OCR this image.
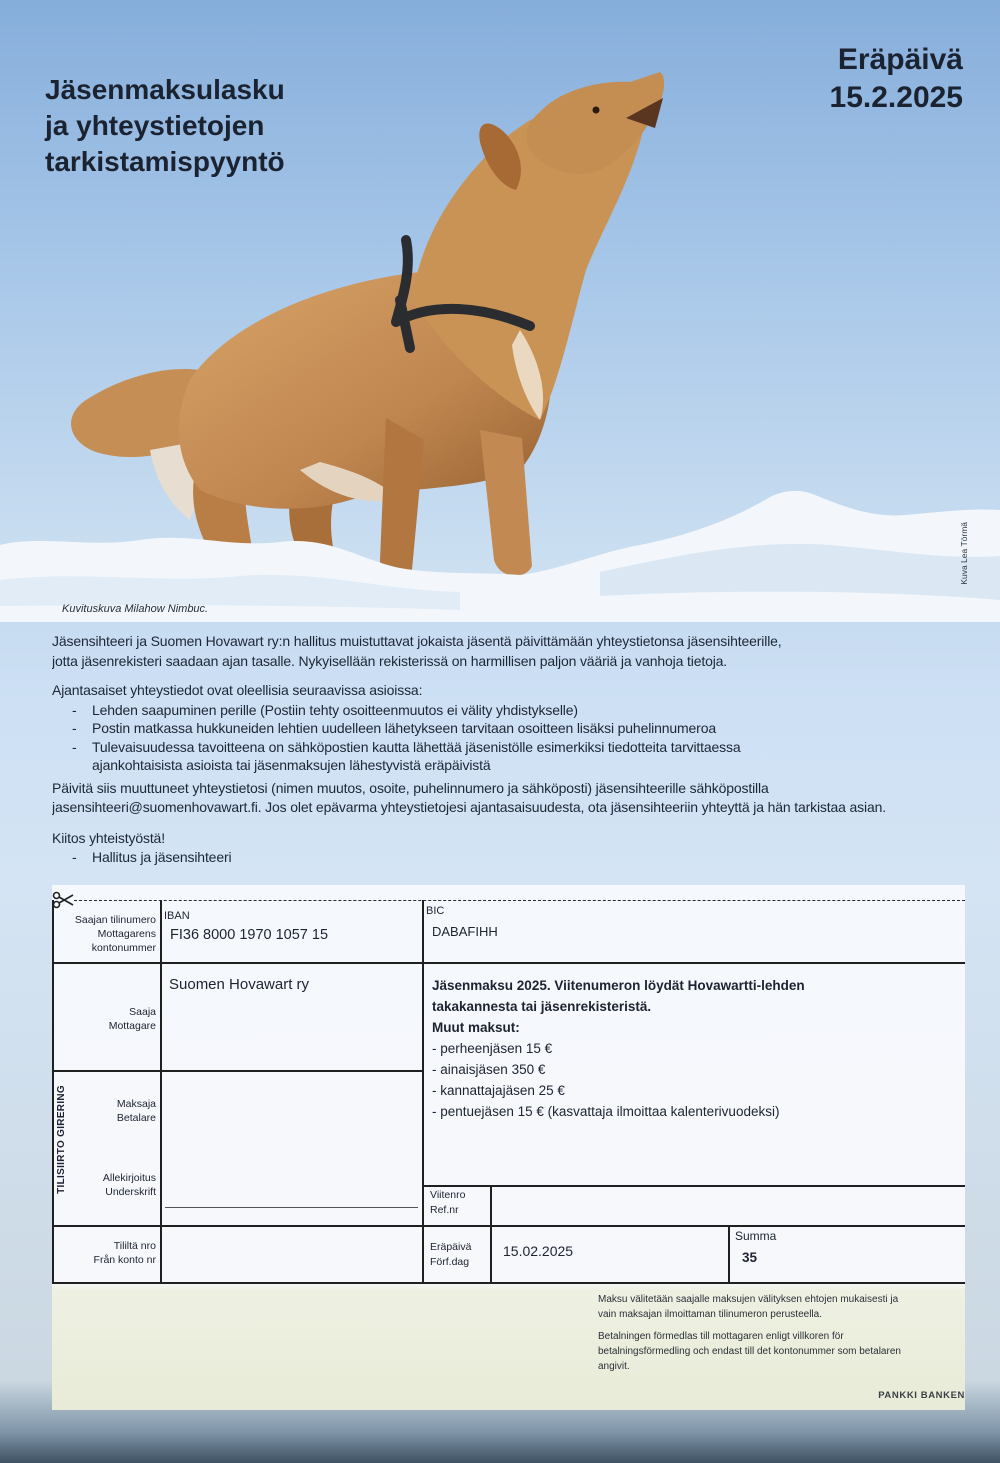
Jäsenmaksulasku
ja yhteystietojen
tarkistamispyyntö
Eräpäivä
15.2.2025
Kuvituskuva Milahow Nimbuc.
Kuva Lea Törmä
Jäsensihteeri ja Suomen Hovawart ry:n hallitus muistuttavat jokaista jäsentä päivittämään yhteystietonsa jäsensihteerille,
jotta jäsenrekisteri saadaan ajan tasalle. Nykyisellään rekisterissä on harmillisen paljon vääriä ja vanhoja tietoja.
Ajantasaiset yhteystiedot ovat oleellisia seuraavissa asioissa:
- Lehden saapuminen perille (Postiin tehty osoitteenmuutos ei välity yhdistykselle)
- Postin matkassa hukkuneiden lehtien uudelleen lähetykseen tarvitaan osoitteen lisäksi puhelinnumeroa
- Tulevaisuudessa tavoitteena on sähköpostien kautta lähettää jäsenistölle esimerkiksi tiedotteita tarvittaessa
ajankohtaisista asioista tai jäsenmaksujen lähestyvistä eräpäivistä
Päivitä siis muuttuneet yhteystietosi (nimen muutos, osoite, puhelinnumero ja sähköposti) jäsensihteerille sähköpostilla
jasensihteeri@suomenhovawart.fi. Jos olet epävarma yhteystietojesi ajantasaisuudesta, ota jäsensihteeriin yhteyttä ja hän tarkistaa asian.
Kiitos yhteistyöstä!
- Hallitus ja jäsensihteeri
Saajan tilinumero
Mottagarens
kontonummer
Saaja
Mottagare
Maksaja
Betalare
Allekirjoitus
Underskrift
Tililtä nro
Från konto nr
TILISIIRTO GIRERING
IBAN
FI36 8000 1970 1057 15
BIC
DABAFIHH
Suomen Hovawart ry	Jäsenmaksu 2025. Viitenumeron löydät Hovawartti-lehden
takakannesta tai jäsenrekisteristä.
Muut maksut:
- perheenjäsen 15 €
- ainaisjäsen 350 €
- kannattajajäsen 25 €
- pentuejäsen 15 € (kasvattaja ilmoittaa kalenterivuodeksi)
Viitenro
Ref.nr
Eräpäivä
Förf.dag
15.02.2025
Summa
35
Maksu välitetään saajalle maksujen välityksen ehtojen mukaisesti ja
vain maksajan ilmoittaman tilinumeron perusteella.
Betalningen förmedlas till mottagaren enligt villkoren för
betalningsförmedling och endast till det kontonummer som betalaren
angivit.
PANKKI BANKEN
